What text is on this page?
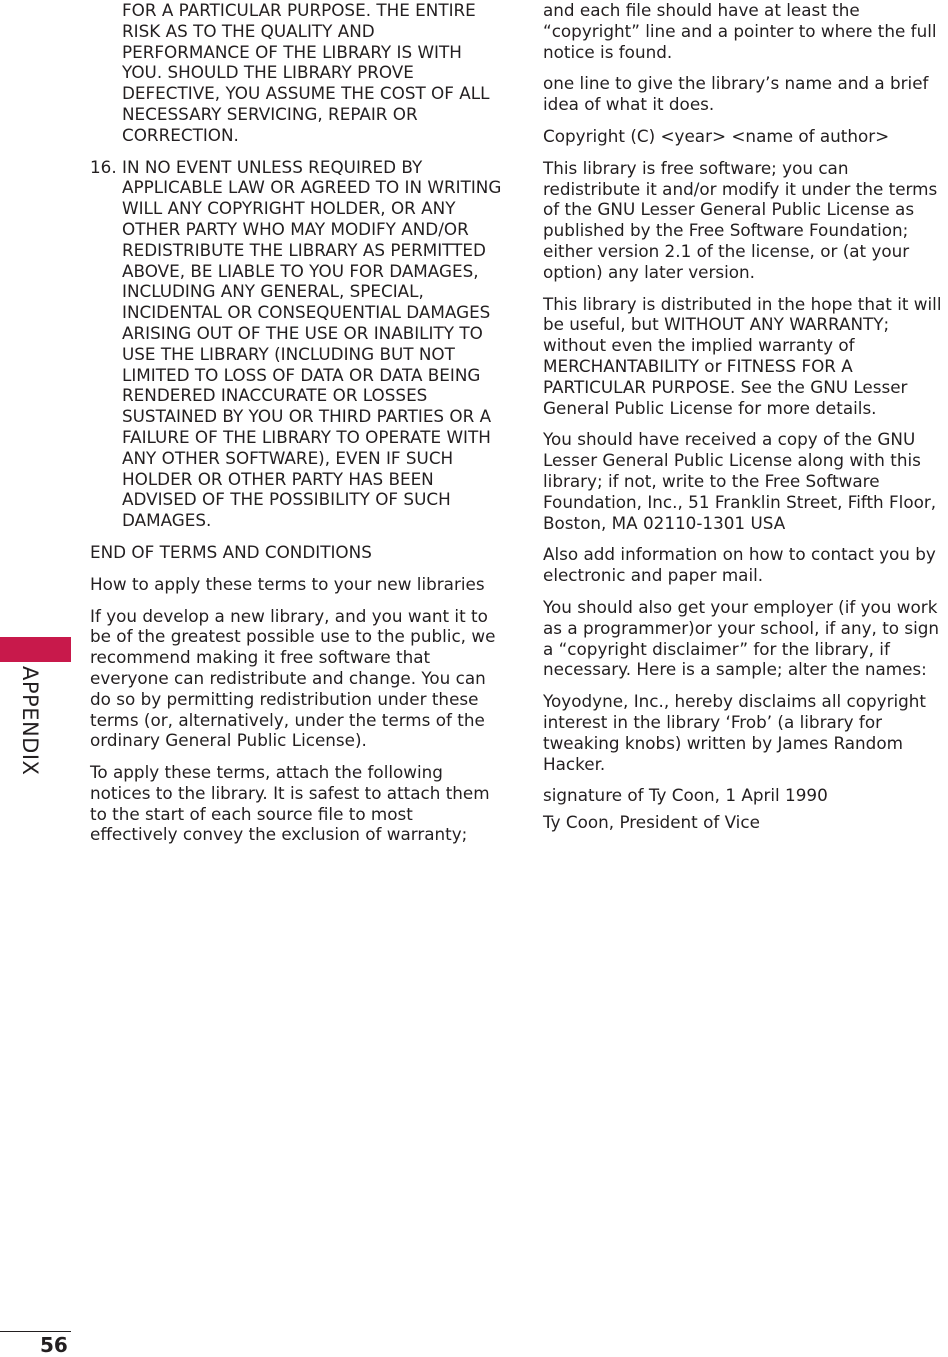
APPENDIX
56
FOR A PARTICULAR PURPOSE. THE ENTIRE RISK AS TO THE QUALITY AND PERFORMANCE OF THE LIBRARY IS WITH YOU. SHOULD THE LIBRARY PROVE DEFECTIVE, YOU ASSUME THE COST OF ALL NECESSARY SERVICING, REPAIR OR CORRECTION.
16. IN NO EVENT UNLESS REQUIRED BY APPLICABLE LAW OR AGREED TO IN WRITING WILL ANY COPYRIGHT HOLDER, OR ANY OTHER PARTY WHO MAY MODIFY AND/OR REDISTRIBUTE THE LIBRARY AS PERMITTED ABOVE, BE LIABLE TO YOU FOR DAMAGES, INCLUDING ANY GENERAL, SPECIAL, INCIDENTAL OR CONSEQUENTIAL DAMAGES ARISING OUT OF THE USE OR INABILITY TO USE THE LIBRARY (INCLUDING BUT NOT LIMITED TO LOSS OF DATA OR DATA BEING RENDERED INACCURATE OR LOSSES SUSTAINED BY YOU OR THIRD PARTIES OR A FAILURE OF THE LIBRARY TO OPERATE WITH ANY OTHER SOFTWARE), EVEN IF SUCH HOLDER OR OTHER PARTY HAS BEEN ADVISED OF THE POSSIBILITY OF SUCH DAMAGES.

END OF TERMS AND CONDITIONS

How to apply these terms to your new libraries

If you develop a new library, and you want it to be of the greatest possible use to the public, we recommend making it free software that everyone can redistribute and change. You can do so by permitting redistribution under these terms (or, alternatively, under the terms of the ordinary General Public License).

To apply these terms, attach the following notices to the library. It is safest to attach them to the start of each source file to most effectively convey the exclusion of warranty;

and each file should have at least the “copyright” line and a pointer to where the full notice is found.

one line to give the library’s name and a brief idea of what it does.

Copyright (C) <year> <name of author>

This library is free software; you can redistribute it and/or modify it under the terms of the GNU Lesser General Public License as published by the Free Software Foundation; either version 2.1 of the license, or (at your option) any later version.

This library is distributed in the hope that it will be useful, but WITHOUT ANY WARRANTY; without even the implied warranty of MERCHANTABILITY or FITNESS FOR A PARTICULAR PURPOSE. See the GNU Lesser General Public License for more details.

You should have received a copy of the GNU Lesser General Public License along with this library; if not, write to the Free Software Foundation, Inc., 51 Franklin Street, Fifth Floor, Boston, MA 02110-1301 USA

Also add information on how to contact you by electronic and paper mail.

You should also get your employer (if you work as a programmer)or your school, if any, to sign a “copyright disclaimer” for the library, if necessary. Here is a sample; alter the names:

Yoyodyne, Inc., hereby disclaims all copyright interest in the library ‘Frob’ (a library for tweaking knobs) written by James Random Hacker.

signature of Ty Coon, 1 April 1990

Ty Coon, President of Vice
